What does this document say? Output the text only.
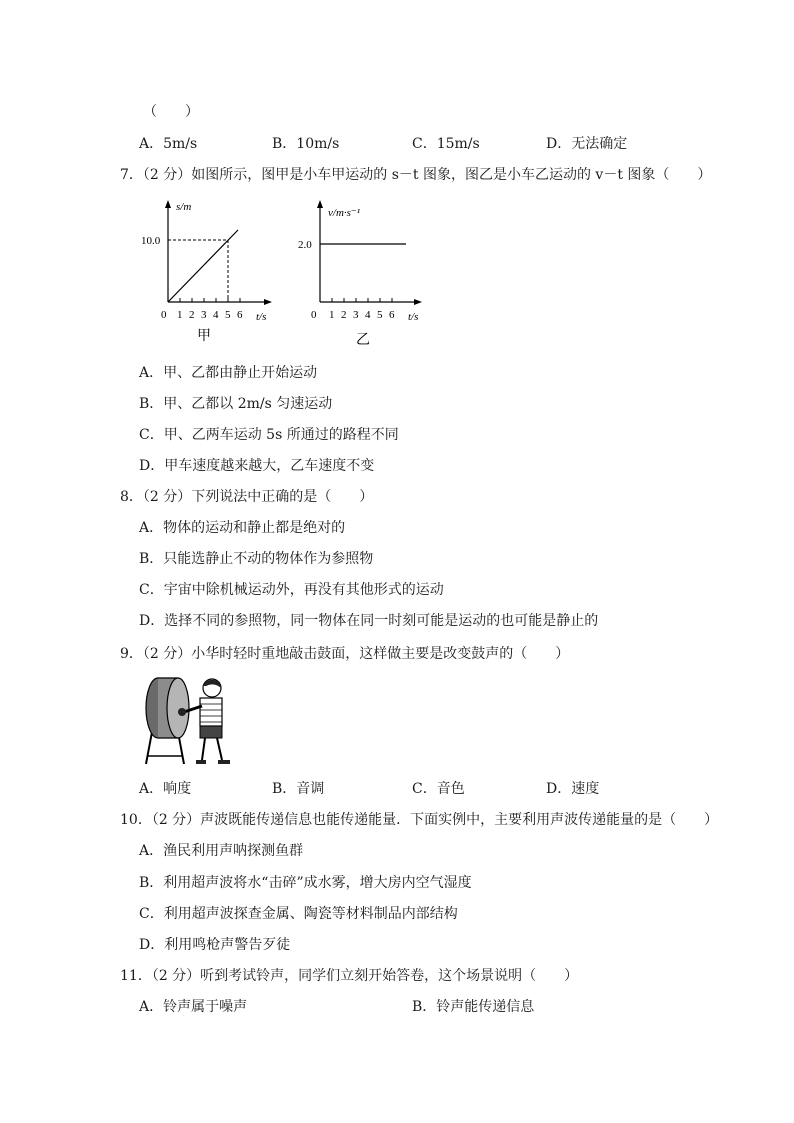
（　　）
A．5m/s	B．10m/s	C．15m/s	D．无法确定
7．（2 分）如图所示，图甲是小车甲运动的 s－t 图象，图乙是小车乙运动的 v－t 图象（　　）
s/m
10.0
0 1 2 3 4 5 6 t/s
甲
v/m·s⁻¹
2.0
0 1 2 3 4 5 6 t/s
乙
A．甲、乙都由静止开始运动
B．甲、乙都以 2m/s 匀速运动
C．甲、乙两车运动 5s 所通过的路程不同
D．甲车速度越来越大，乙车速度不变
8．（2 分）下列说法中正确的是（　　）
A．物体的运动和静止都是绝对的
B．只能选静止不动的物体作为参照物
C．宇宙中除机械运动外，再没有其他形式的运动
D．选择不同的参照物，同一物体在同一时刻可能是运动的也可能是静止的
9．（2 分）小华时轻时重地敲击鼓面，这样做主要是改变鼓声的（　　）
A．响度	B．音调	C．音色	D．速度
10．（2 分）声波既能传递信息也能传递能量．下面实例中，主要利用声波传递能量的是（　　）
A．渔民利用声呐探测鱼群
B．利用超声波将水“击碎”成水雾，增大房内空气湿度
C．利用超声波探查金属、陶瓷等材料制品内部结构
D．利用鸣枪声警告歹徒
11．（2 分）听到考试铃声，同学们立刻开始答卷，这个场景说明（　　）
A．铃声属于噪声	B．铃声能传递信息
